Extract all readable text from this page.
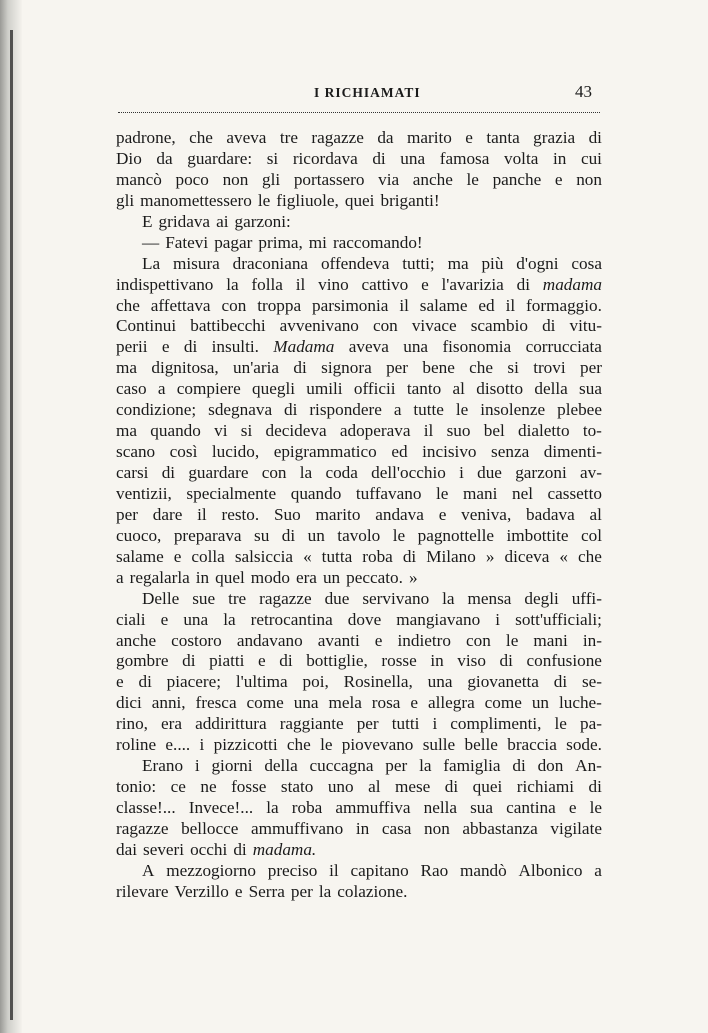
I RICHIAMATI	43
padrone, che aveva tre ragazze da marito e tanta grazia di
Dio da guardare: si ricordava di una famosa volta in cui
mancò poco non gli portassero via anche le panche e non
gli manomettessero le figliuole, quei briganti!
E gridava ai garzoni:
— Fatevi pagar prima, mi raccomando!
La misura draconiana offendeva tutti; ma più d'ogni cosa
indispettivano la folla il vino cattivo e l'avarizia di madama
che affettava con troppa parsimonia il salame ed il formaggio.
Continui battibecchi avvenivano con vivace scambio di vitu-
perii e di insulti. Madama aveva una fisonomia corrucciata
ma dignitosa, un'aria di signora per bene che si trovi per
caso a compiere quegli umili officii tanto al disotto della sua
condizione; sdegnava di rispondere a tutte le insolenze plebee
ma quando vi si decideva adoperava il suo bel dialetto to-
scano così lucido, epigrammatico ed incisivo senza dimenti-
carsi di guardare con la coda dell'occhio i due garzoni av-
ventizii, specialmente quando tuffavano le mani nel cassetto
per dare il resto. Suo marito andava e veniva, badava al
cuoco, preparava su di un tavolo le pagnottelle imbottite col
salame e colla salsiccia « tutta roba di Milano » diceva « che
a regalarla in quel modo era un peccato. »
Delle sue tre ragazze due servivano la mensa degli uffi-
ciali e una la retrocantina dove mangiavano i sott'ufficiali;
anche costoro andavano avanti e indietro con le mani in-
gombre di piatti e di bottiglie, rosse in viso di confusione
e di piacere; l'ultima poi, Rosinella, una giovanetta di se-
dici anni, fresca come una mela rosa e allegra come un luche-
rino, era addirittura raggiante per tutti i complimenti, le pa-
roline e.... i pizzicotti che le piovevano sulle belle braccia sode.
Erano i giorni della cuccagna per la famiglia di don An-
tonio: ce ne fosse stato uno al mese di quei richiami di
classe!... Invece!... la roba ammuffiva nella sua cantina e le
ragazze bellocce ammuffivano in casa non abbastanza vigilate
dai severi occhi di madama.
A mezzogiorno preciso il capitano Rao mandò Albonico a
rilevare Verzillo e Serra per la colazione.
